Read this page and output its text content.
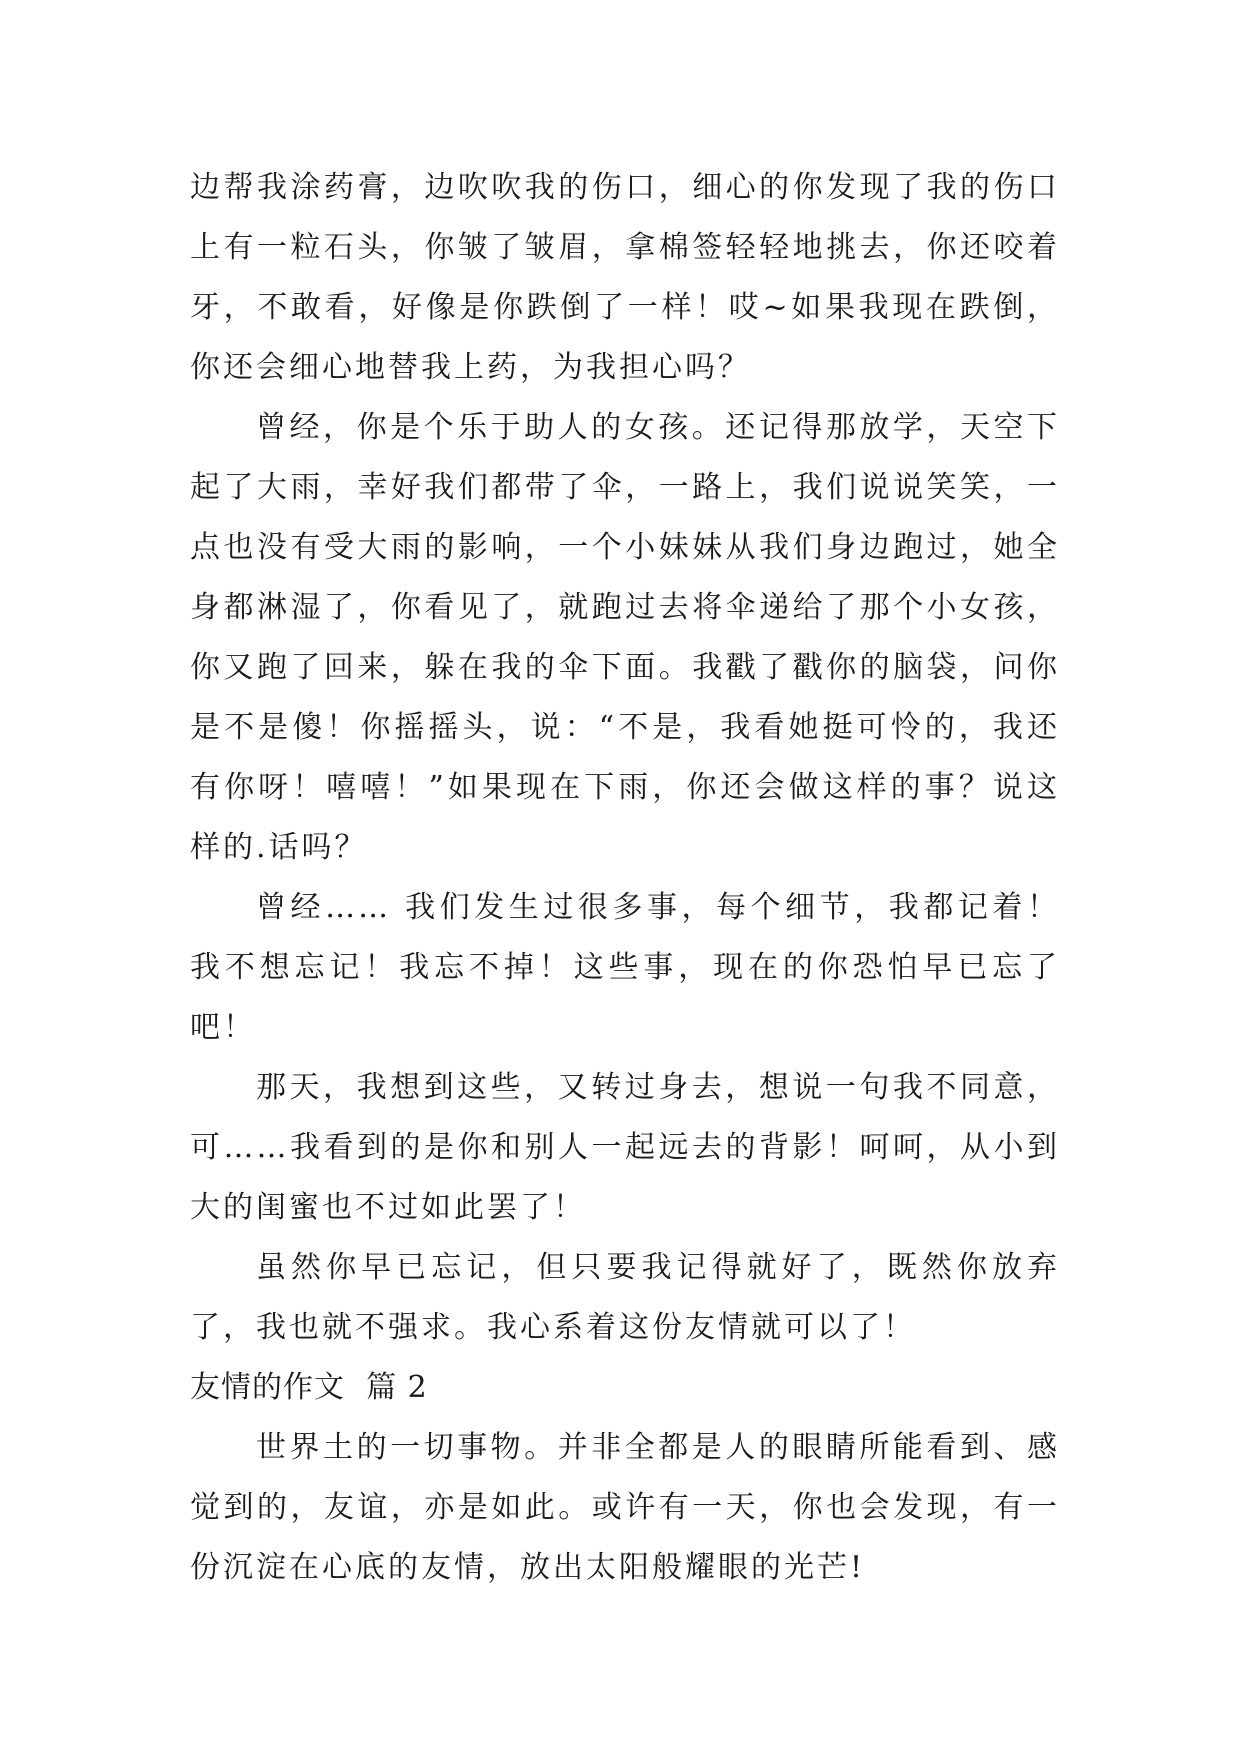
边帮我涂药膏，边吹吹我的伤口，细心的你发现了我的伤口上有一粒石头，你皱了皱眉，拿棉签轻轻地挑去，你还咬着牙，不敢看，好像是你跌倒了一样！哎~如果我现在跌倒，你还会细心地替我上药，为我担心吗？

曾经，你是个乐于助人的女孩。还记得那放学，天空下起了大雨，幸好我们都带了伞，一路上，我们说说笑笑，一点也没有受大雨的影响，一个小妹妹从我们身边跑过，她全身都淋湿了，你看见了，就跑过去将伞递给了那个小女孩，你又跑了回来，躲在我的伞下面。我戳了戳你的脑袋，问你是不是傻！你摇摇头，说：“不是，我看她挺可怜的，我还有你呀！嘻嘻！”如果现在下雨，你还会做这样的事？说这样的.话吗？

曾经…… 我们发生过很多事，每个细节，我都记着！我不想忘记！我忘不掉！这些事，现在的你恐怕早已忘了吧！

那天，我想到这些，又转过身去，想说一句我不同意，可……我看到的是你和别人一起远去的背影！呵呵，从小到大的闺蜜也不过如此罢了！

虽然你早已忘记，但只要我记得就好了，既然你放弃了，我也就不强求。我心系着这份友情就可以了！

友情的作文  篇 2

世界土的一切事物。并非全都是人的眼睛所能看到、感觉到的，友谊，亦是如此。或许有一天，你也会发现，有一份沉淀在心底的友情，放出太阳般耀眼的光芒!
